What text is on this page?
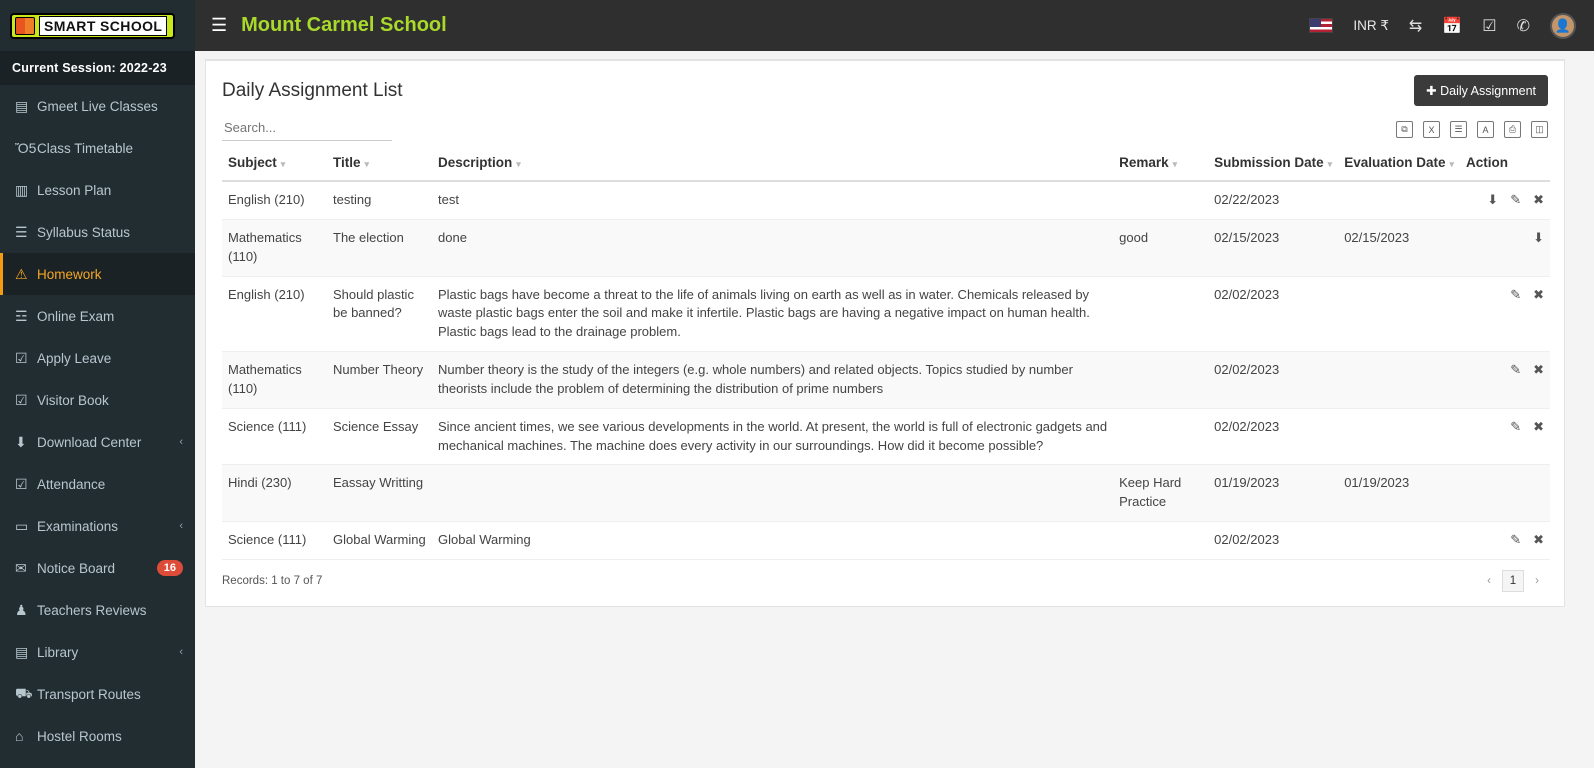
SMART SCHOOL
Current Session: 2022-23
▤ Gmeet Live Classes
Ὄ5 Class Timetable
▥ Lesson Plan
☰ Syllabus Status
⚠ Homework
☲ Online Exam
☑ Apply Leave
☑ Visitor Book
⬇ Download Center	‹
☑ Attendance
▭ Examinations	‹
✉ Notice Board	16
♟ Teachers Reviews
▤ Library	‹
⛟ Transport Routes
⌂	Hostel Rooms
☰ Mount Carmel School	INR ₹ ⇆ 📅 ☑ ✆	👤
Daily Assignment List	✚ Daily Assignment
Search...
⧉	X	☰	A	⎙	◫
Subject ▾	Title ▾	Description ▾	Remark ▾	Submission Date ▾	Evaluation Date ▾	Action
English (210)	testing	test		02/22/2023		⬇ ✎ ✖
Mathematics (110)	The election	done	good	02/15/2023	02/15/2023	⬇
English (210)	Should plastic be banned?	Plastic bags have become a threat to the life of animals living on earth as well as in water. Chemicals released by waste plastic bags enter the soil and make it infertile. Plastic bags are having a negative impact on human health. Plastic bags lead to the drainage problem.		02/02/2023		✎ ✖
Mathematics (110)	Number Theory	Number theory is the study of the integers (e.g. whole numbers) and related objects. Topics studied by number theorists include the problem of determining the distribution of prime numbers		02/02/2023		✎ ✖
Science (111)	Science Essay	Since ancient times, we see various developments in the world. At present, the world is full of electronic gadgets and mechanical machines. The machine does every activity in our surroundings. How did it become possible?		02/02/2023		✎ ✖
Hindi (230)	Eassay Writting		Keep Hard Practice	01/19/2023	01/19/2023	
Science (111)	Global Warming	Global Warming		02/02/2023		✎ ✖
Records: 1 to 7 of 7	‹	1	›
